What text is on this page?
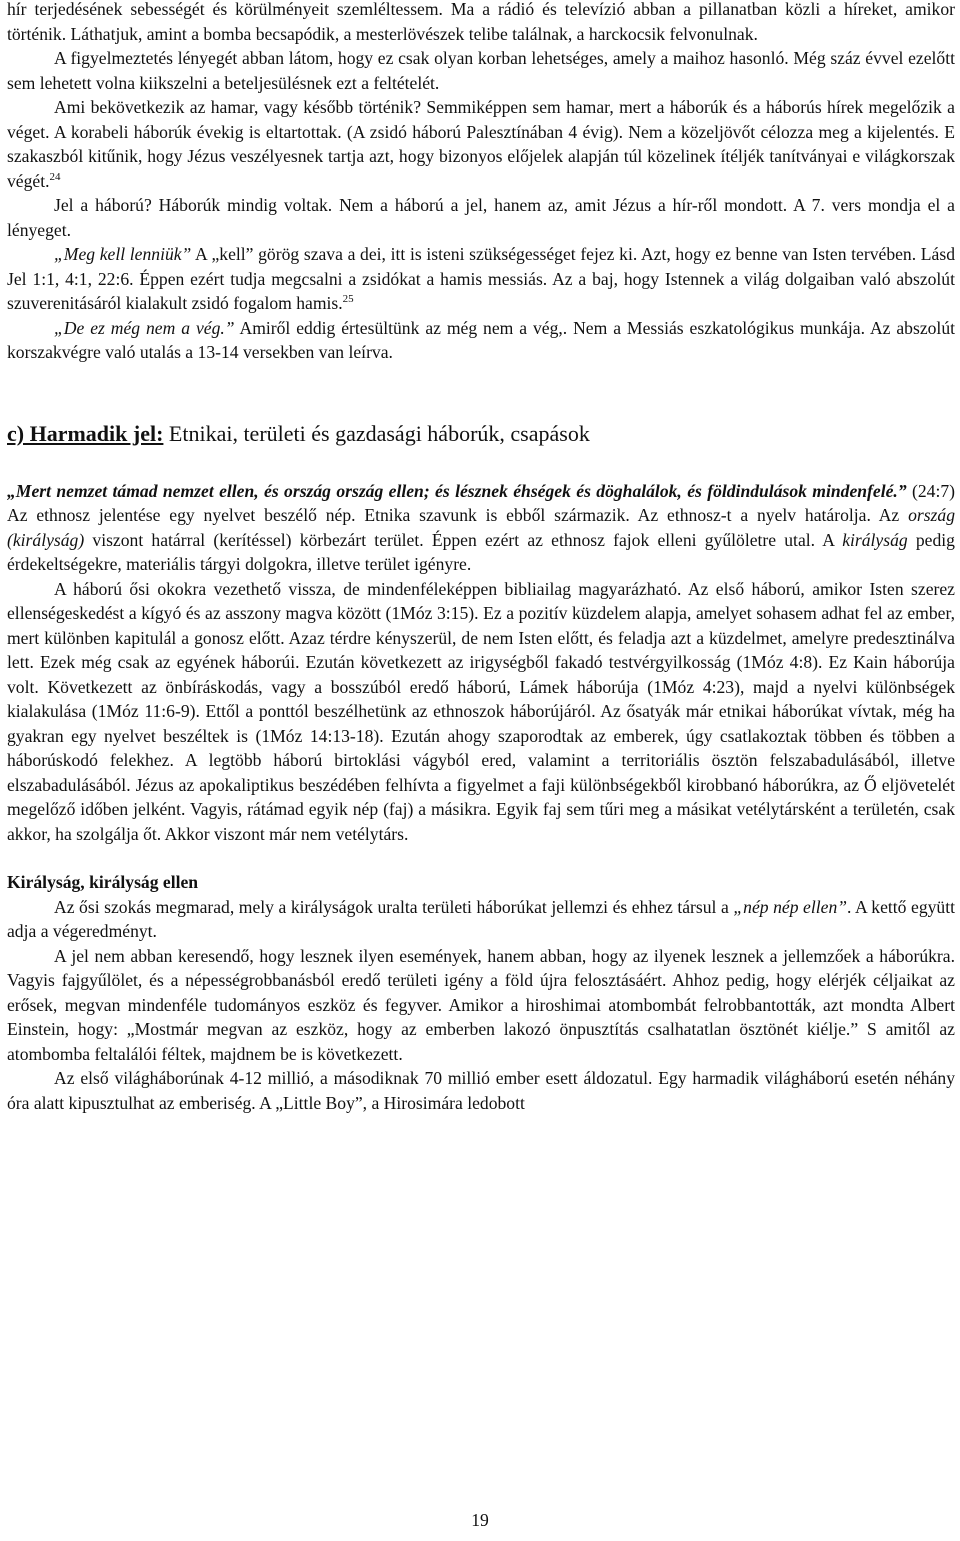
hír terjedésének sebességét és körülményeit szemléltessem. Ma a rádió és televízió abban a pillanatban közli a híreket, amikor történik. Láthatjuk, amint a bomba becsapódik, a mesterlövészek telibe találnak, a harckocsik felvonulnak.

A figyelmeztetés lényegét abban látom, hogy ez csak olyan korban lehetséges, amely a maihoz hasonló. Még száz évvel ezelőtt sem lehetett volna kiikszelni a beteljesülésnek ezt a feltételét.

Ami bekövetkezik az hamar, vagy később történik? Semmiképpen sem hamar, mert a háborúk és a háborús hírek megelőzik a véget. A korabeli háborúk évekig is eltartottak. (A zsidó háború Palesztínában 4 évig). Nem a közeljövőt célozza meg a kijelentés. E szakaszból kitűnik, hogy Jézus veszélyesnek tartja azt, hogy bizonyos előjelek alapján túl közelinek ítéljék tanítványai e világkorszak végét.$^{24}$

Jel a háború? Háborúk mindig voltak. Nem a háború a jel, hanem az, amit Jézus a hír-ről mondott. A 7. vers mondja el a lényeget.

„Meg kell lenniük” A „kell” görög szava a dei, itt is isteni szükségességet fejez ki. Azt, hogy ez benne van Isten tervében. Lásd Jel 1:1, 4:1, 22:6. Éppen ezért tudja megcsalni a zsidókat a hamis messiás. Az a baj, hogy Istennek a világ dolgaiban való abszolút szuverenitásáról kialakult zsidó fogalom hamis.$^{25}$

„De ez még nem a vég.” Amiről eddig értesültünk az még nem a vég,. Nem a Messiás eszkatológikus munkája. Az abszolút korszakvégre való utalás a 13-14 versekben van leírva.

c) Harmadik jel: Etnikai, területi és gazdasági háborúk, csapások

„Mert nemzet támad nemzet ellen, és ország ország ellen; és lésznek éhségek és döghalálok, és földindulások mindenfelé.” (24:7) Az ethnosz jelentése egy nyelvet beszélő nép. Etnika szavunk is ebből származik. Az ethnosz-t a nyelv határolja. Az ország (királyság) viszont határral (kerítéssel) körbezárt terület. Éppen ezért az ethnosz fajok elleni gyűlöletre utal. A királyság pedig érdekeltségekre, materiális tárgyi dolgokra, illetve terület igényre.

A háború ősi okokra vezethető vissza, de mindenféleképpen bibliailag magyarázható. Az első háború, amikor Isten szerez ellenségeskedést a kígyó és az asszony magva között (1Móz 3:15). Ez a pozitív küzdelem alapja, amelyet sohasem adhat fel az ember, mert különben kapitulál a gonosz előtt. Azaz térdre kényszerül, de nem Isten előtt, és feladja azt a küzdelmet, amelyre predesztinálva lett. Ezek még csak az egyének háborúi. Ezután következett az irigységből fakadó testvérgyilkosság (1Móz 4:8). Ez Kain háborúja volt. Következett az önbíráskodás, vagy a bosszúból eredő háború, Lámek háborúja (1Móz 4:23), majd a nyelvi különbségek kialakulása (1Móz 11:6-9). Ettől a ponttól beszélhetünk az ethnoszok háborújáról. Az ősatyák már etnikai háborúkat vívtak, még ha gyakran egy nyelvet beszéltek is (1Móz 14:13-18). Ezután ahogy szaporodtak az emberek, úgy csatlakoztak többen és többen a háborúskodó felekhez. A legtöbb háború birtoklási vágyból ered, valamint a territoriális ösztön felszabadulásából, illetve elszabadulásából. Jézus az apokaliptikus beszédében felhívta a figyelmet a faji különbségekből kirobbanó háborúkra, az Ő eljövetelét megelőző időben jelként. Vagyis, rátámad egyik nép (faj) a másikra. Egyik faj sem tűri meg a másikat vetélytársként a területén, csak akkor, ha szolgálja őt. Akkor viszont már nem vetélytárs.

Királyság, királyság ellen

Az ősi szokás megmarad, mely a királyságok uralta területi háborúkat jellemzi és ehhez társul a „nép nép ellen”. A kettő együtt adja a végeredményt.

A jel nem abban keresendő, hogy lesznek ilyen események, hanem abban, hogy az ilyenek lesznek a jellemzőek a háborúkra. Vagyis fajgyűlölet, és a népességrobbanásból eredő területi igény a föld újra felosztásáért. Ahhoz pedig, hogy elérjék céljaikat az erősek, megvan mindenféle tudományos eszköz és fegyver. Amikor a hiroshimai atombombát felrobbantották, azt mondta Albert Einstein, hogy: „Mostmár megvan az eszköz, hogy az emberben lakozó önpusztítás csalhatatlan ösztönét kiélje.” S amitől az atombomba feltalálói féltek, majdnem be is következett.

Az első világháborúnak 4-12 millió, a másodiknak 70 millió ember esett áldozatul. Egy harmadik világháború esetén néhány óra alatt kipusztulhat az emberiség. A „Little Boy”, a Hirosimára ledobott

19
